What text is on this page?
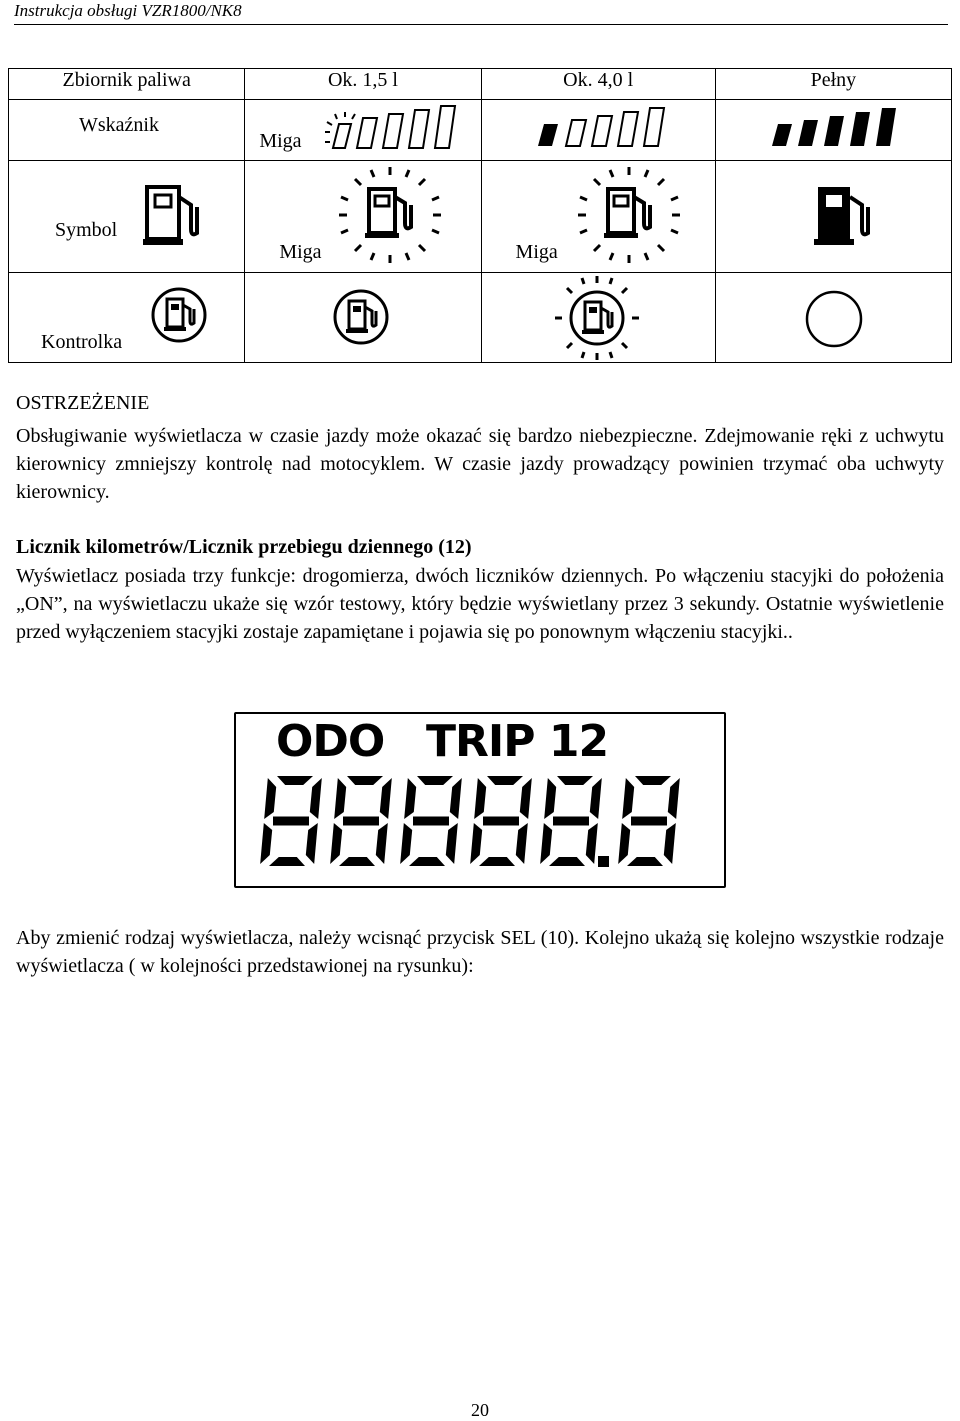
Instrukcja obsługi VZR1800/NK8
Zbiornik paliwa	Ok. 1,5 l	Ok. 4,0 l	Pełny

Wskaźnik	Miga

Symbol	Miga	Miga

Kontrolka

OSTRZEŻENIE

Obsługiwanie wyświetlacza w czasie jazdy może okazać się bardzo niebezpieczne. Zdejmowanie ręki z uchwytu kierownicy zmniejszy kontrolę nad motocyklem. W czasie jazdy prowadzący powinien trzymać oba uchwyty kierownicy.

Licznik kilometrów/Licznik przebiegu dziennego (12)

Wyświetlacz posiada trzy funkcje: drogomierza, dwóch liczników dziennych. Po włączeniu stacyjki do położenia „ON”, na wyświetlaczu ukaże się wzór testowy, który będzie wyświetlany przez 3 sekundy. Ostatnie wyświetlenie przed wyłączeniem stacyjki zostaje zapamiętane i pojawia się po ponownym włączeniu stacyjki..

ODO TRIP 12

Aby zmienić rodzaj wyświetlacza, należy wcisnąć przycisk SEL (10). Kolejno ukażą się kolejno wszystkie rodzaje wyświetlacza ( w kolejności przedstawionej na rysunku):

20
